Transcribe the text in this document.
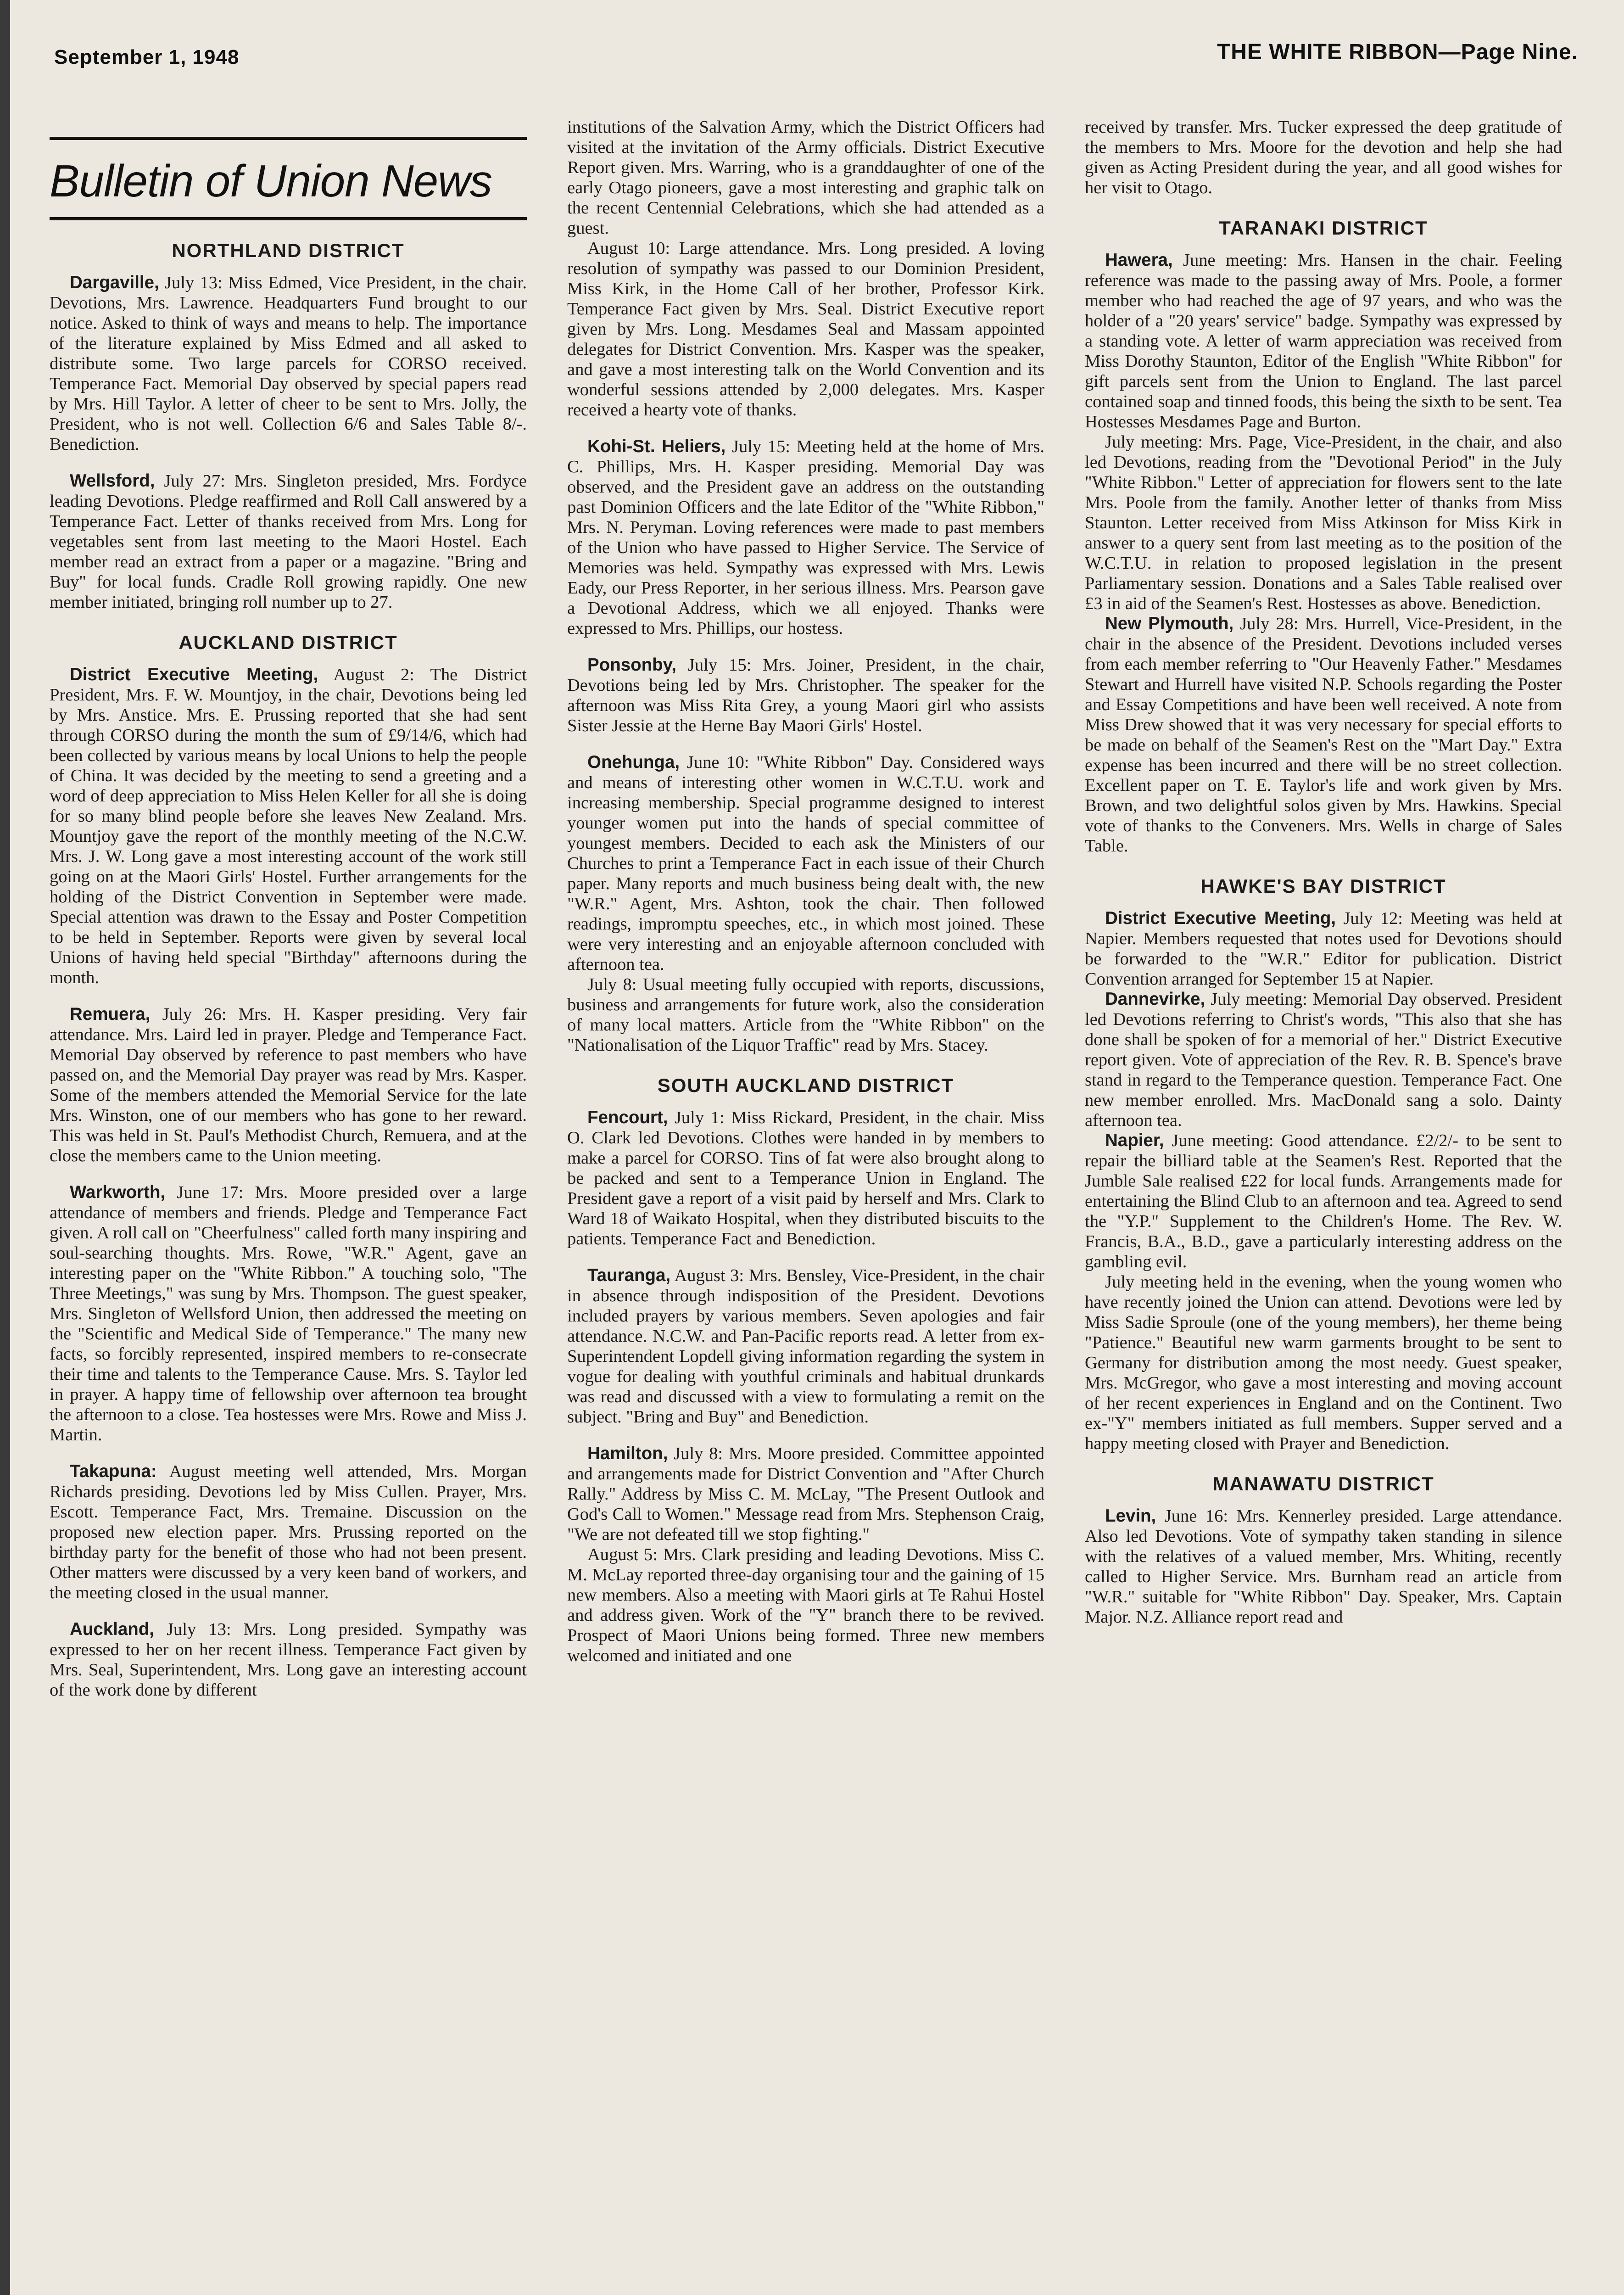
September 1, 1948	THE WHITE RIBBON—Page Nine.
Bulletin of Union News
NORTHLAND DISTRICT

Dargaville, July 13: Miss Edmed, Vice President, in the chair. Devotions, Mrs. Lawrence. Headquarters Fund brought to our notice. Asked to think of ways and means to help. The importance of the literature explained by Miss Edmed and all asked to distribute some. Two large parcels for CORSO received. Temperance Fact. Memorial Day observed by special papers read by Mrs. Hill Taylor. A letter of cheer to be sent to Mrs. Jolly, the President, who is not well. Collection 6/6 and Sales Table 8/-. Benediction.

Wellsford, July 27: Mrs. Singleton presided, Mrs. Fordyce leading Devotions. Pledge reaffirmed and Roll Call answered by a Temperance Fact. Letter of thanks received from Mrs. Long for vegetables sent from last meeting to the Maori Hostel. Each member read an extract from a paper or a magazine. "Bring and Buy" for local funds. Cradle Roll growing rapidly. One new member initiated, bringing roll number up to 27.

AUCKLAND DISTRICT

District Executive Meeting, August 2: The District President, Mrs. F. W. Mountjoy, in the chair, Devotions being led by Mrs. Anstice. Mrs. E. Prussing reported that she had sent through CORSO during the month the sum of £9/14/6, which had been collected by various means by local Unions to help the people of China. It was decided by the meeting to send a greeting and a word of deep appreciation to Miss Helen Keller for all she is doing for so many blind people before she leaves New Zealand. Mrs. Mountjoy gave the report of the monthly meeting of the N.C.W. Mrs. J. W. Long gave a most interesting account of the work still going on at the Maori Girls' Hostel. Further arrangements for the holding of the District Convention in September were made. Special attention was drawn to the Essay and Poster Competition to be held in September. Reports were given by several local Unions of having held special "Birthday" afternoons during the month.

Remuera, July 26: Mrs. H. Kasper presiding. Very fair attendance. Mrs. Laird led in prayer. Pledge and Temperance Fact. Memorial Day observed by reference to past members who have passed on, and the Memorial Day prayer was read by Mrs. Kasper. Some of the members attended the Memorial Service for the late Mrs. Winston, one of our members who has gone to her reward. This was held in St. Paul's Methodist Church, Remuera, and at the close the members came to the Union meeting.

Warkworth, June 17: Mrs. Moore presided over a large attendance of members and friends. Pledge and Temperance Fact given. A roll call on "Cheerfulness" called forth many inspiring and soul-searching thoughts. Mrs. Rowe, "W.R." Agent, gave an interesting paper on the "White Ribbon." A touching solo, "The Three Meetings," was sung by Mrs. Thompson. The guest speaker, Mrs. Singleton of Wellsford Union, then addressed the meeting on the "Scientific and Medical Side of Temperance." The many new facts, so forcibly represented, inspired members to re-consecrate their time and talents to the Temperance Cause. Mrs. S. Taylor led in prayer. A happy time of fellowship over afternoon tea brought the afternoon to a close. Tea hostesses were Mrs. Rowe and Miss J. Martin.

Takapuna: August meeting well attended, Mrs. Morgan Richards presiding. Devotions led by Miss Cullen. Prayer, Mrs. Escott. Temperance Fact, Mrs. Tremaine. Discussion on the proposed new election paper. Mrs. Prussing reported on the birthday party for the benefit of those who had not been present. Other matters were discussed by a very keen band of workers, and the meeting closed in the usual manner.

Auckland, July 13: Mrs. Long presided. Sympathy was expressed to her on her recent illness. Temperance Fact given by Mrs. Seal, Superintendent, Mrs. Long gave an interesting account of the work done by different

institutions of the Salvation Army, which the District Officers had visited at the invitation of the Army officials. District Executive Report given. Mrs. Warring, who is a granddaughter of one of the early Otago pioneers, gave a most interesting and graphic talk on the recent Centennial Celebrations, which she had attended as a guest.

August 10: Large attendance. Mrs. Long presided. A loving resolution of sympathy was passed to our Dominion President, Miss Kirk, in the Home Call of her brother, Professor Kirk. Temperance Fact given by Mrs. Seal. District Executive report given by Mrs. Long. Mesdames Seal and Massam appointed delegates for District Convention. Mrs. Kasper was the speaker, and gave a most interesting talk on the World Convention and its wonderful sessions attended by 2,000 delegates. Mrs. Kasper received a hearty vote of thanks.

Kohi-St. Heliers, July 15: Meeting held at the home of Mrs. C. Phillips, Mrs. H. Kasper presiding. Memorial Day was observed, and the President gave an address on the outstanding past Dominion Officers and the late Editor of the "White Ribbon," Mrs. N. Peryman. Loving references were made to past members of the Union who have passed to Higher Service. The Service of Memories was held. Sympathy was expressed with Mrs. Lewis Eady, our Press Reporter, in her serious illness. Mrs. Pearson gave a Devotional Address, which we all enjoyed. Thanks were expressed to Mrs. Phillips, our hostess.

Ponsonby, July 15: Mrs. Joiner, President, in the chair, Devotions being led by Mrs. Christopher. The speaker for the afternoon was Miss Rita Grey, a young Maori girl who assists Sister Jessie at the Herne Bay Maori Girls' Hostel.

Onehunga, June 10: "White Ribbon" Day. Considered ways and means of interesting other women in W.C.T.U. work and increasing membership. Special programme designed to interest younger women put into the hands of special committee of youngest members. Decided to each ask the Ministers of our Churches to print a Temperance Fact in each issue of their Church paper. Many reports and much business being dealt with, the new "W.R." Agent, Mrs. Ashton, took the chair. Then followed readings, impromptu speeches, etc., in which most joined. These were very interesting and an enjoyable afternoon concluded with afternoon tea.

July 8: Usual meeting fully occupied with reports, discussions, business and arrangements for future work, also the consideration of many local matters. Article from the "White Ribbon" on the "Nationalisation of the Liquor Traffic" read by Mrs. Stacey.

SOUTH AUCKLAND DISTRICT

Fencourt, July 1: Miss Rickard, President, in the chair. Miss O. Clark led Devotions. Clothes were handed in by members to make a parcel for CORSO. Tins of fat were also brought along to be packed and sent to a Temperance Union in England. The President gave a report of a visit paid by herself and Mrs. Clark to Ward 18 of Waikato Hospital, when they distributed biscuits to the patients. Temperance Fact and Benediction.

Tauranga, August 3: Mrs. Bensley, Vice-President, in the chair in absence through indisposition of the President. Devotions included prayers by various members. Seven apologies and fair attendance. N.C.W. and Pan-Pacific reports read. A letter from ex-Superintendent Lopdell giving information regarding the system in vogue for dealing with youthful criminals and habitual drunkards was read and discussed with a view to formulating a remit on the subject. "Bring and Buy" and Benediction.

Hamilton, July 8: Mrs. Moore presided. Committee appointed and arrangements made for District Convention and "After Church Rally." Address by Miss C. M. McLay, "The Present Outlook and God's Call to Women." Message read from Mrs. Stephenson Craig, "We are not defeated till we stop fighting."

August 5: Mrs. Clark presiding and leading Devotions. Miss C. M. McLay reported three-day organising tour and the gaining of 15 new members. Also a meeting with Maori girls at Te Rahui Hostel and address given. Work of the "Y" branch there to be revived. Prospect of Maori Unions being formed. Three new members welcomed and initiated and one

received by transfer. Mrs. Tucker expressed the deep gratitude of the members to Mrs. Moore for the devotion and help she had given as Acting President during the year, and all good wishes for her visit to Otago.

TARANAKI DISTRICT

Hawera, June meeting: Mrs. Hansen in the chair. Feeling reference was made to the passing away of Mrs. Poole, a former member who had reached the age of 97 years, and who was the holder of a "20 years' service" badge. Sympathy was expressed by a standing vote. A letter of warm appreciation was received from Miss Dorothy Staunton, Editor of the English "White Ribbon" for gift parcels sent from the Union to England. The last parcel contained soap and tinned foods, this being the sixth to be sent. Tea Hostesses Mesdames Page and Burton.

July meeting: Mrs. Page, Vice-President, in the chair, and also led Devotions, reading from the "Devotional Period" in the July "White Ribbon." Letter of appreciation for flowers sent to the late Mrs. Poole from the family. Another letter of thanks from Miss Staunton. Letter received from Miss Atkinson for Miss Kirk in answer to a query sent from last meeting as to the position of the W.C.T.U. in relation to proposed legislation in the present Parliamentary session. Donations and a Sales Table realised over £3 in aid of the Seamen's Rest. Hostesses as above. Benediction.

New Plymouth, July 28: Mrs. Hurrell, Vice-President, in the chair in the absence of the President. Devotions included verses from each member referring to "Our Heavenly Father." Mesdames Stewart and Hurrell have visited N.P. Schools regarding the Poster and Essay Competitions and have been well received. A note from Miss Drew showed that it was very necessary for special efforts to be made on behalf of the Seamen's Rest on the "Mart Day." Extra expense has been incurred and there will be no street collection. Excellent paper on T. E. Taylor's life and work given by Mrs. Brown, and two delightful solos given by Mrs. Hawkins. Special vote of thanks to the Conveners. Mrs. Wells in charge of Sales Table.

HAWKE'S BAY DISTRICT

District Executive Meeting, July 12: Meeting was held at Napier. Members requested that notes used for Devotions should be forwarded to the "W.R." Editor for publication. District Convention arranged for September 15 at Napier.

Dannevirke, July meeting: Memorial Day observed. President led Devotions referring to Christ's words, "This also that she has done shall be spoken of for a memorial of her." District Executive report given. Vote of appreciation of the Rev. R. B. Spence's brave stand in regard to the Temperance question. Temperance Fact. One new member enrolled. Mrs. MacDonald sang a solo. Dainty afternoon tea.

Napier, June meeting: Good attendance. £2/2/- to be sent to repair the billiard table at the Seamen's Rest. Reported that the Jumble Sale realised £22 for local funds. Arrangements made for entertaining the Blind Club to an afternoon and tea. Agreed to send the "Y.P." Supplement to the Children's Home. The Rev. W. Francis, B.A., B.D., gave a particularly interesting address on the gambling evil.

July meeting held in the evening, when the young women who have recently joined the Union can attend. Devotions were led by Miss Sadie Sproule (one of the young members), her theme being "Patience." Beautiful new warm garments brought to be sent to Germany for distribution among the most needy. Guest speaker, Mrs. McGregor, who gave a most interesting and moving account of her recent experiences in England and on the Continent. Two ex-"Y" members initiated as full members. Supper served and a happy meeting closed with Prayer and Benediction.

MANAWATU DISTRICT

Levin, June 16: Mrs. Kennerley presided. Large attendance. Also led Devotions. Vote of sympathy taken standing in silence with the relatives of a valued member, Mrs. Whiting, recently called to Higher Service. Mrs. Burnham read an article from "W.R." suitable for "White Ribbon" Day. Speaker, Mrs. Captain Major. N.Z. Alliance report read and
